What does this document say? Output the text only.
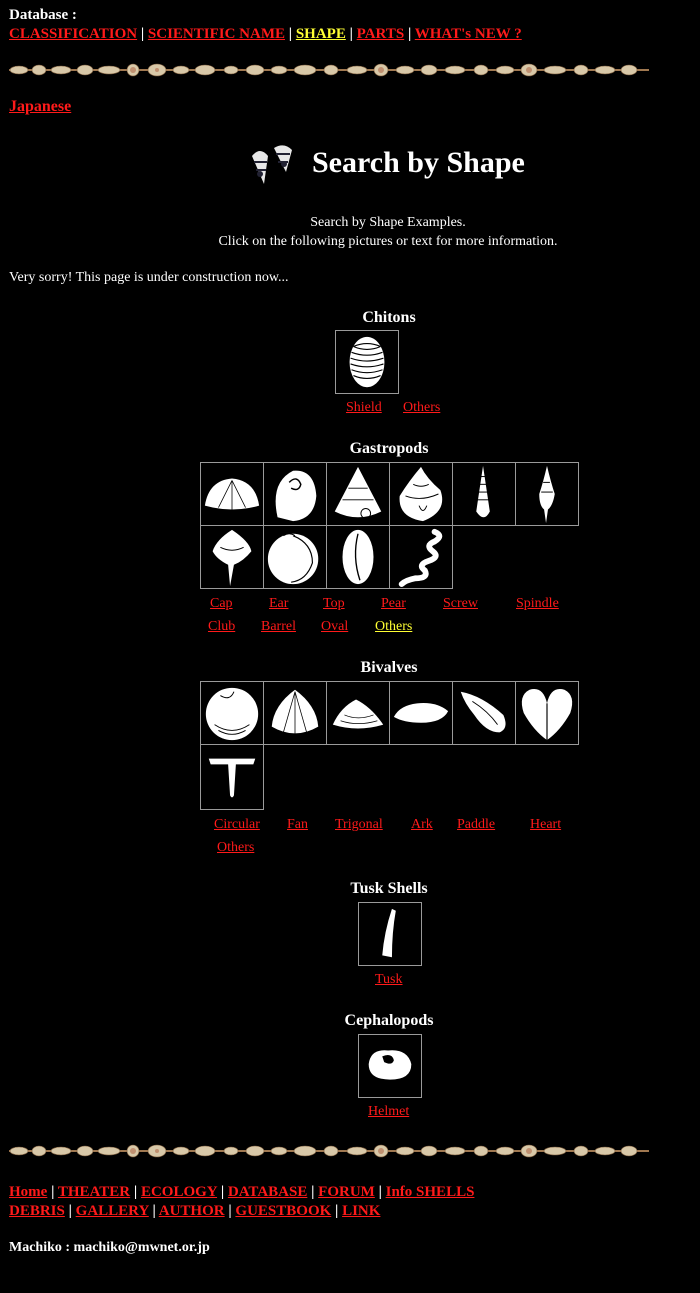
Database :
CLASSIFICATION | SCIENTIFIC NAME | SHAPE | PARTS | WHAT's NEW ?
Japanese
Search by Shape
Search by Shape Examples.
Click on the following pictures or text for more information.
Very sorry! This page is under construction now...
Chitons
Shield Others
Gastropods
Cap	Ear Top	Pear	Screw	Spindle
Club Barrel Oval Others
Bivalves
Circular Fan Trigonal Ark Paddle Heart
Others
Tusk Shells
Tusk
Cephalopods
Helmet
Home | THEATER | ECOLOGY | DATABASE | FORUM | Info SHELLS
DEBRIS | GALLERY | AUTHOR | GUESTBOOK | LINK
Machiko : machiko@mwnet.or.jp
